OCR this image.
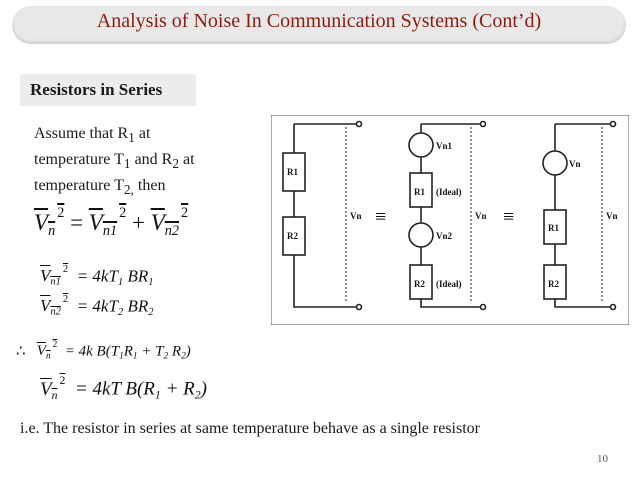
Analysis of Noise In Communication Systems (Cont’d)
Resistors in Series
Assume that $R_1$ at
temperature $T_1$ and $R_2$ at
temperature $T_{2,}$ then
$V_n^2 = V_{n1}^2 + V_{n2}^2$
$V_{n1}^2 = 4kT_1$ $BR_1$
$V_{n2}^2 = 4kT_2$ $BR_2$
∴ $V_n^2 = 4k$ $B(T_1R_1 + T_2$ $R_2$)
$V_n^2 = 4kT$ $B(R_1 + R_2)$
R1
R2
Vn
Vn1
R1 (Ideal)
Vn2
R2 (Ideal)
Vn
Vn
R1
R2
Vn
≡	≡
i.e. The resistor in series at same temperature behave as a single resistor
10
